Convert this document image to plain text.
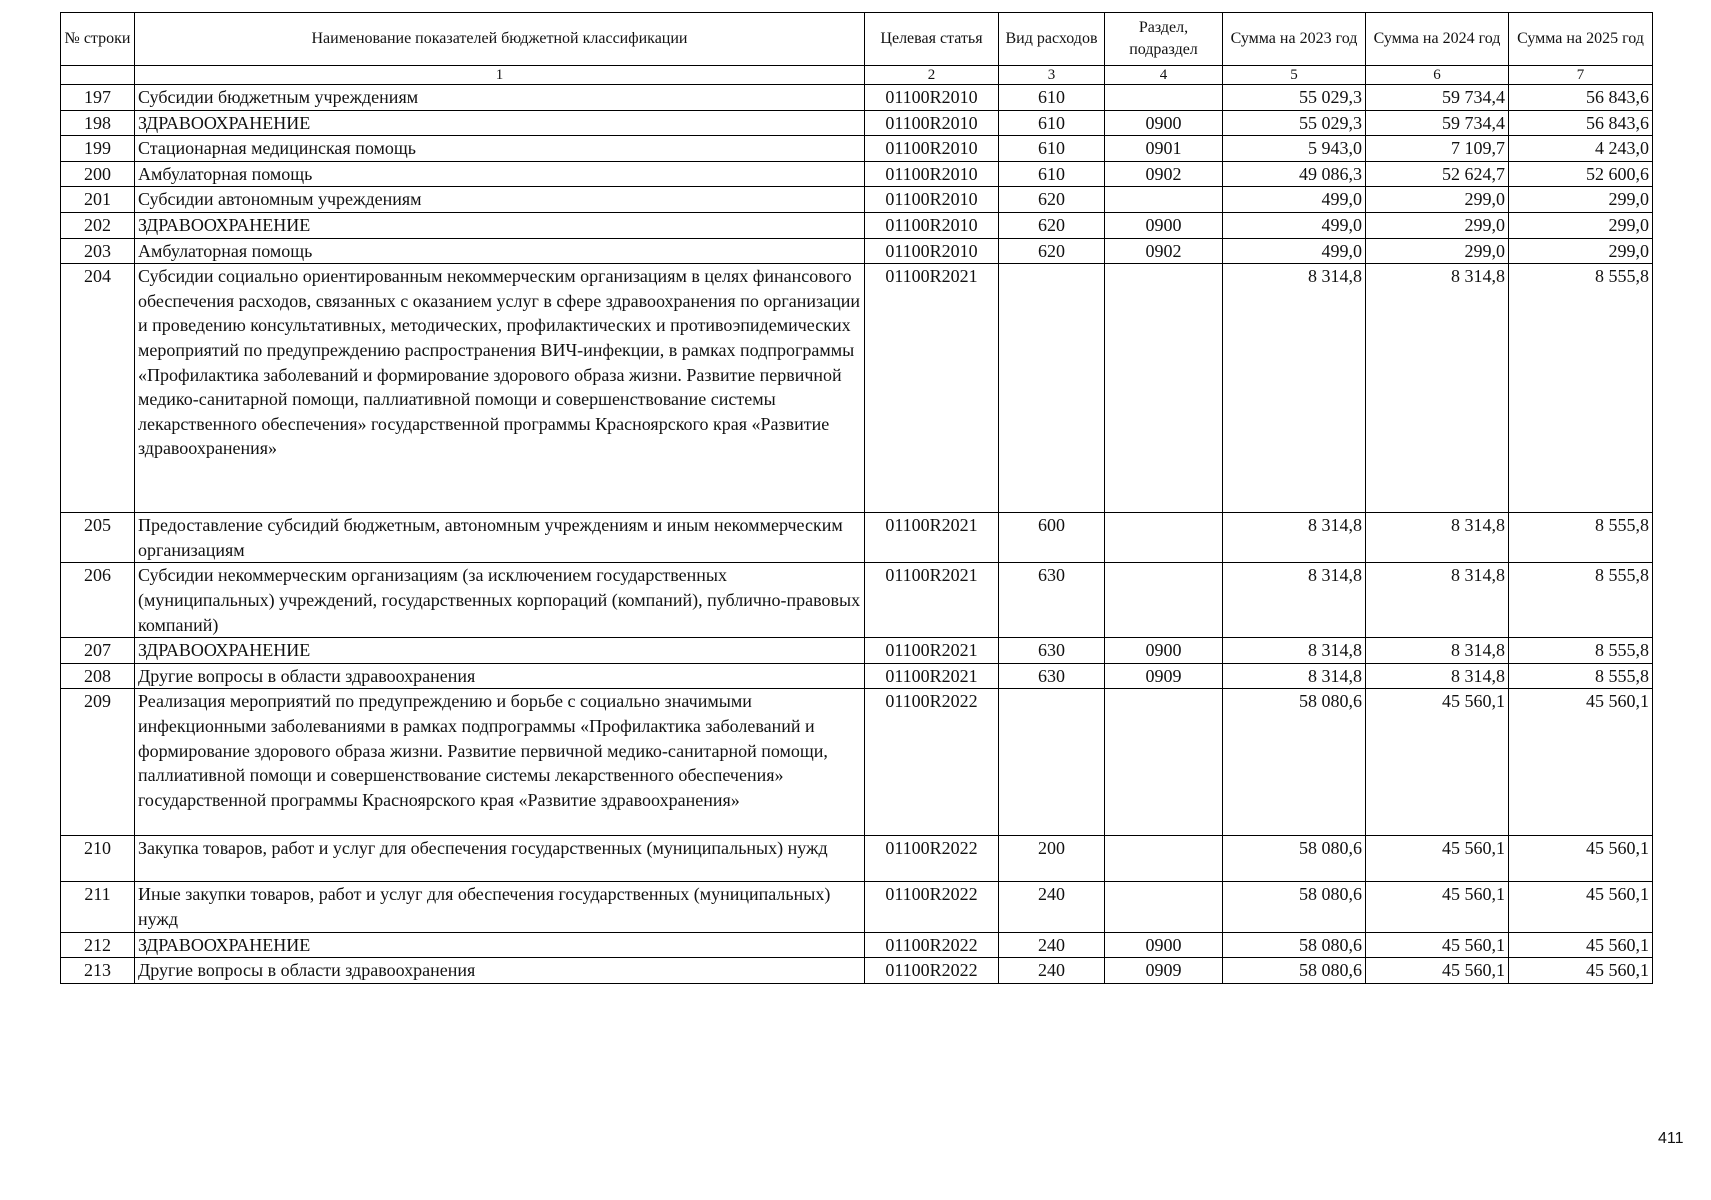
№ строки	Наименование показателей бюджетной классификации	Целевая статья	Вид расходов	Раздел, подраздел	Сумма на 2023 год	Сумма на 2024 год	Сумма на 2025 год
	1	2	3	4	5	6	7
197	Субсидии бюджетным учреждениям	01100R2010	610		55 029,3	59 734,4	56 843,6
198	ЗДРАВООХРАНЕНИЕ	01100R2010	610	0900	55 029,3	59 734,4	56 843,6
199	Стационарная медицинская помощь	01100R2010	610	0901	5 943,0	7 109,7	4 243,0
200	Амбулаторная помощь	01100R2010	610	0902	49 086,3	52 624,7	52 600,6
201	Субсидии автономным учреждениям	01100R2010	620		499,0	299,0	299,0
202	ЗДРАВООХРАНЕНИЕ	01100R2010	620	0900	499,0	299,0	299,0
203	Амбулаторная помощь	01100R2010	620	0902	499,0	299,0	299,0
204	Субсидии социально ориентированным некоммерческим организациям в целях финансового обеспечения расходов, связанных с оказанием услуг в сфере здравоохранения по организации и проведению консультативных, методических, профилактических и противоэпидемических мероприятий по предупреждению распространения ВИЧ-инфекции, в рамках подпрограммы «Профилактика заболеваний и формирование здорового образа жизни. Развитие первичной медико-санитарной помощи, паллиативной помощи и совершенствование системы лекарственного обеспечения» государственной программы Красноярского края «Развитие здравоохранения»	01100R2021			8 314,8	8 314,8	8 555,8
205	Предоставление субсидий бюджетным, автономным учреждениям и иным некоммерческим организациям	01100R2021	600		8 314,8	8 314,8	8 555,8
206	Субсидии некоммерческим организациям (за исключением государственных (муниципальных) учреждений, государственных корпораций (компаний), публично-правовых компаний)	01100R2021	630		8 314,8	8 314,8	8 555,8
207	ЗДРАВООХРАНЕНИЕ	01100R2021	630	0900	8 314,8	8 314,8	8 555,8
208	Другие вопросы в области здравоохранения	01100R2021	630	0909	8 314,8	8 314,8	8 555,8
209	Реализация мероприятий по предупреждению и борьбе с социально значимыми инфекционными заболеваниями в рамках подпрограммы «Профилактика заболеваний и формирование здорового образа жизни. Развитие первичной медико-санитарной помощи, паллиативной помощи и совершенствование системы лекарственного обеспечения» государственной программы Красноярского края «Развитие здравоохранения»	01100R2022			58 080,6	45 560,1	45 560,1
210	Закупка товаров, работ и услуг для обеспечения государственных (муниципальных) нужд	01100R2022	200		58 080,6	45 560,1	45 560,1
211	Иные закупки товаров, работ и услуг для обеспечения государственных (муниципальных) нужд	01100R2022	240		58 080,6	45 560,1	45 560,1
212	ЗДРАВООХРАНЕНИЕ	01100R2022	240	0900	58 080,6	45 560,1	45 560,1
213	Другие вопросы в области здравоохранения	01100R2022	240	0909	58 080,6	45 560,1	45 560,1
411
